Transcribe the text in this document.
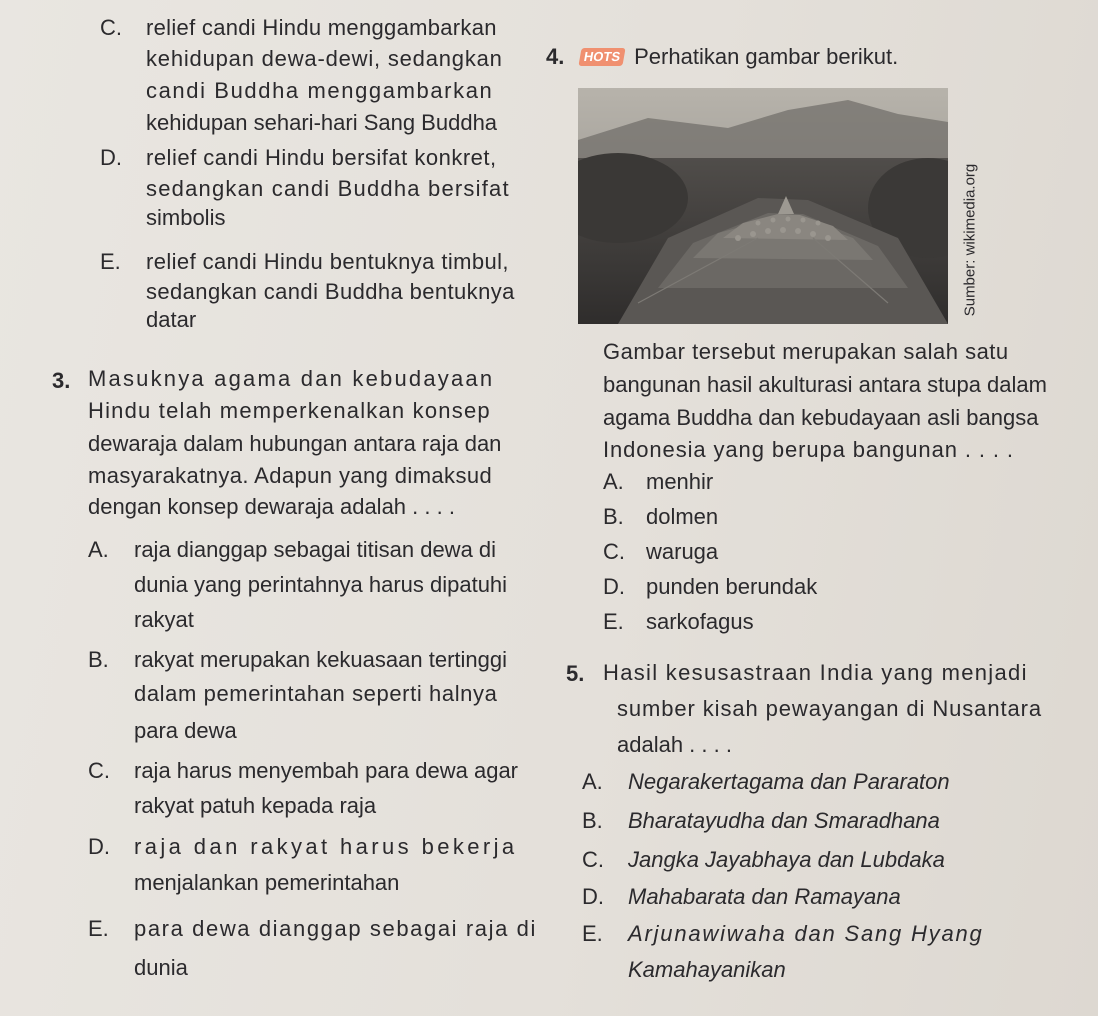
C. relief candi Hindu menggambarkan
kehidupan dewa-dewi, sedangkan
candi Buddha menggambarkan
kehidupan sehari-hari Sang Buddha
D. relief candi Hindu bersifat konkret,
sedangkan candi Buddha bersifat
simbolis
E. relief candi Hindu bentuknya timbul,
sedangkan candi Buddha bentuknya
datar
3. Masuknya agama dan kebudayaan
Hindu telah memperkenalkan konsep
dewaraja dalam hubungan antara raja dan
masyarakatnya. Adapun yang dimaksud
dengan konsep dewaraja adalah . . . .
A. raja dianggap sebagai titisan dewa di
dunia yang perintahnya harus dipatuhi
rakyat
B. rakyat merupakan kekuasaan tertinggi
dalam pemerintahan seperti halnya
para dewa
C. raja harus menyembah para dewa agar
rakyat patuh kepada raja
D. raja dan rakyat harus bekerja
menjalankan pemerintahan
E. para dewa dianggap sebagai raja di
dunia
4. HOTS Perhatikan gambar berikut.
Sumber: wikimedia.org
Gambar tersebut merupakan salah satu
bangunan hasil akulturasi antara stupa dalam
agama Buddha dan kebudayaan asli bangsa
Indonesia yang berupa bangunan . . . .
A. menhir
B. dolmen
C. waruga
D. punden berundak
E. sarkofagus
5. Hasil kesusastraan India yang menjadi
sumber kisah pewayangan di Nusantara
adalah . . . .
A. Negarakertagama dan Pararaton
B. Bharatayudha dan Smaradhana
C. Jangka Jayabhaya dan Lubdaka
D. Mahabarata dan Ramayana
E. Arjunawiwaha dan Sang Hyang
Kamahayanikan
